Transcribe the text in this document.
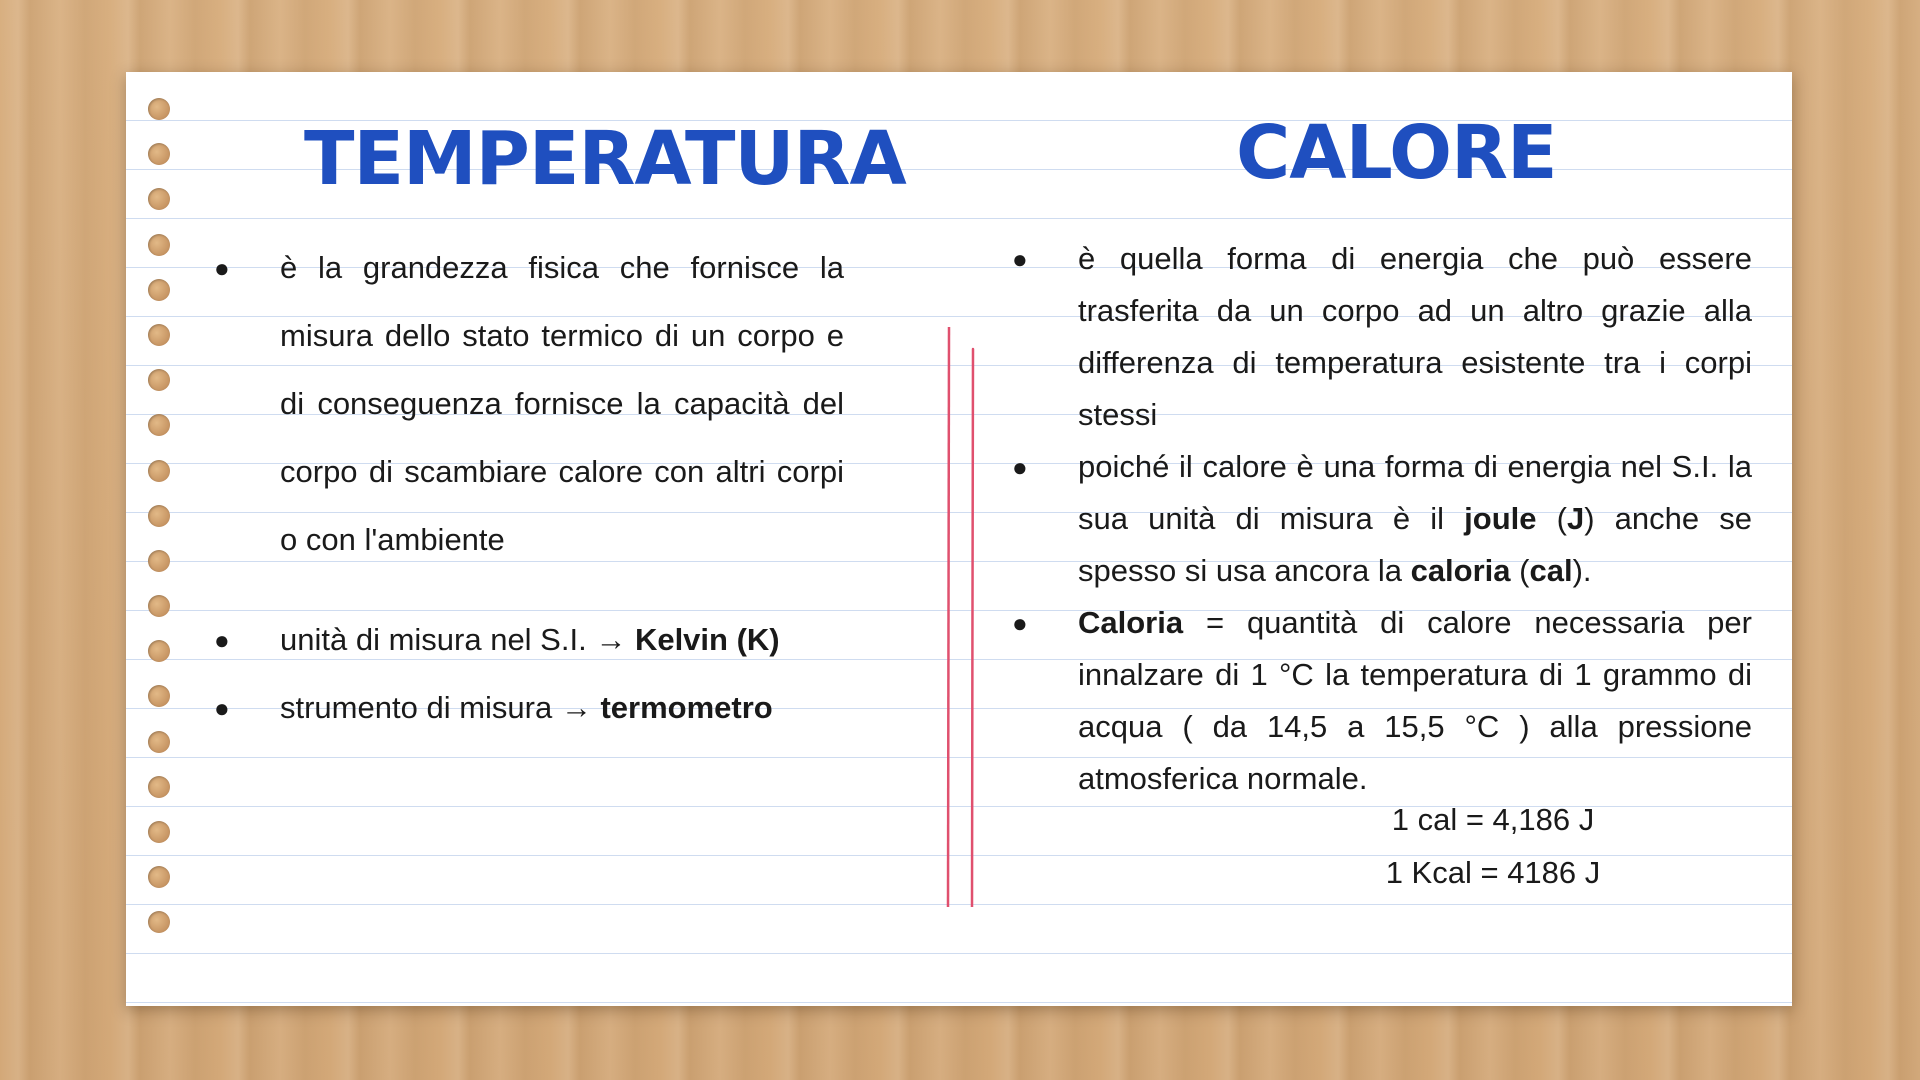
TEMPERATURA	CALORE
● è la grandezza fisica che fornisce la misura dello stato termico di un corpo e di conseguenza fornisce la capacità del corpo di scambiare calore con altri corpi o con l'ambiente
● unità di misura nel S.I. → Kelvin (K)
● strumento di misura → termometro
● è quella forma di energia che può essere trasferita da un corpo ad un altro grazie alla differenza di temperatura esistente tra i corpi stessi
● poiché il calore è una forma di energia nel S.I. la sua unità di misura è il joule (J) anche se spesso si usa ancora la caloria (cal).
● Caloria = quantità di calore necessaria per innalzare di 1 °C la temperatura di 1 grammo di acqua ( da 14,5 a 15,5 °C ) alla pressione atmosferica normale.
1 cal = 4,186 J
1 Kcal = 4186 J
